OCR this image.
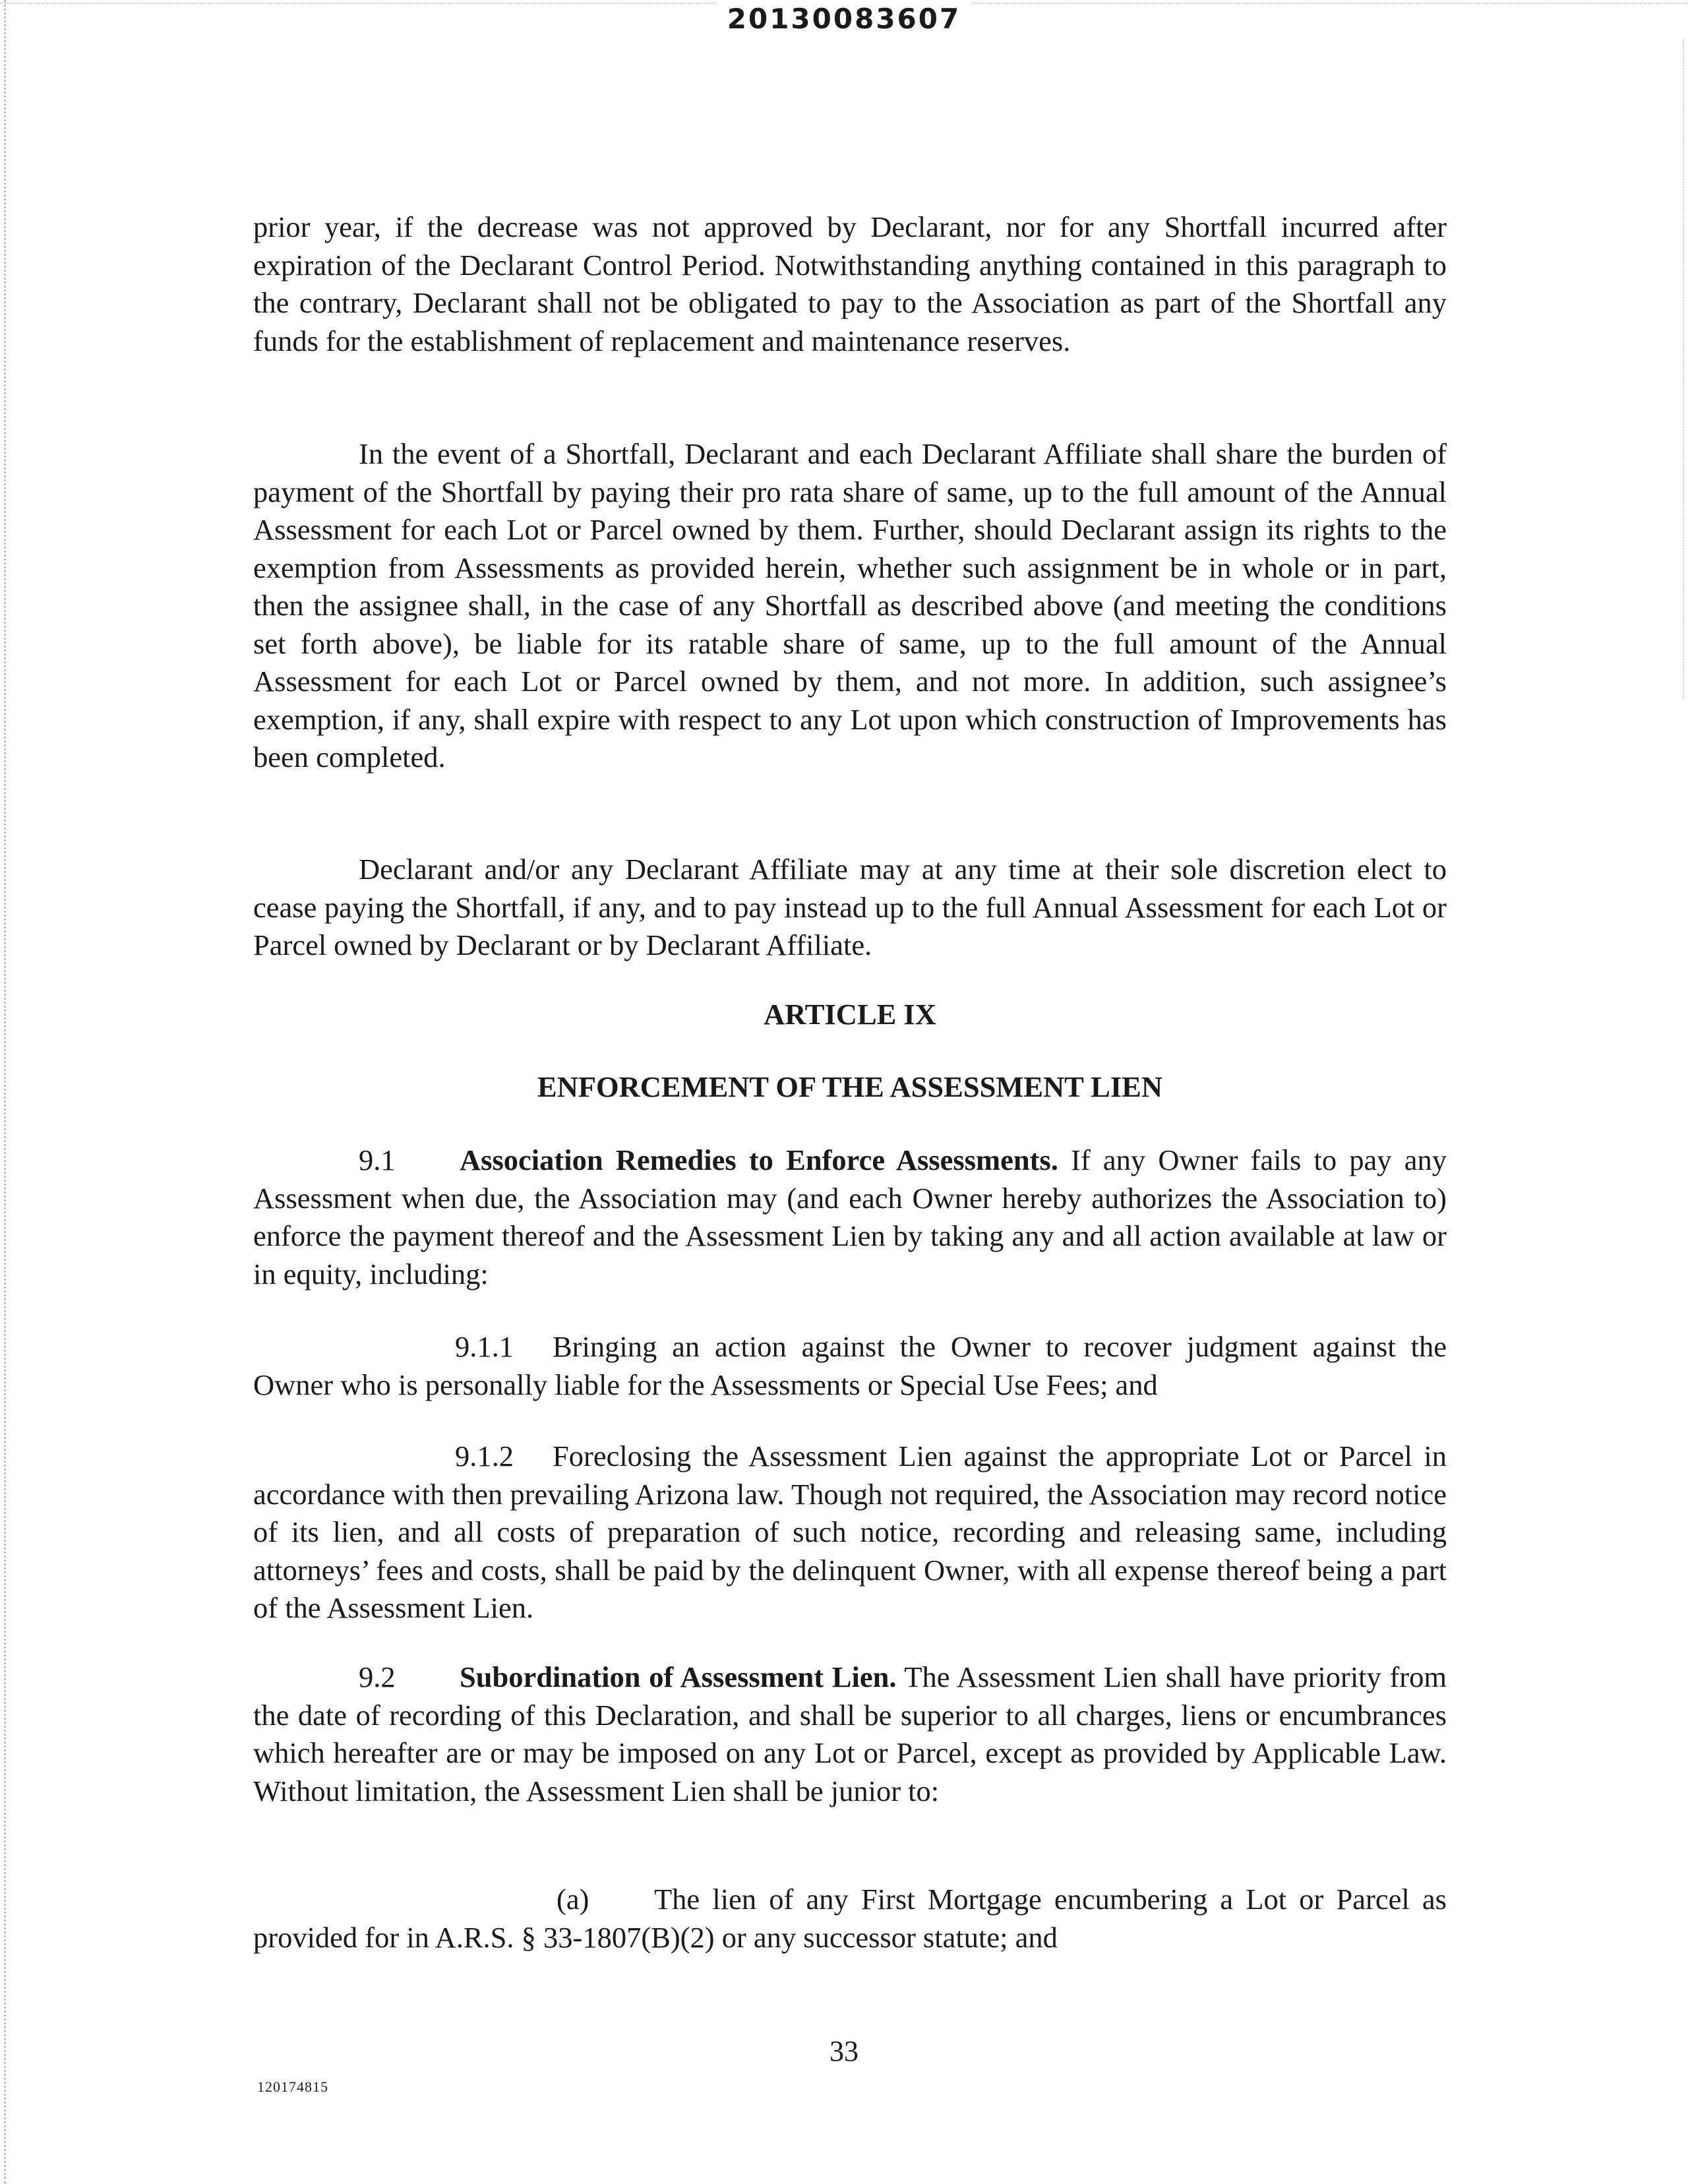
20130083607

prior year, if the decrease was not approved by Declarant, nor for any Shortfall incurred after expiration of the Declarant Control Period. Notwithstanding anything contained in this paragraph to the contrary, Declarant shall not be obligated to pay to the Association as part of the Shortfall any funds for the establishment of replacement and maintenance reserves.

In the event of a Shortfall, Declarant and each Declarant Affiliate shall share the burden of payment of the Shortfall by paying their pro rata share of same, up to the full amount of the Annual Assessment for each Lot or Parcel owned by them. Further, should Declarant assign its rights to the exemption from Assessments as provided herein, whether such assignment be in whole or in part, then the assignee shall, in the case of any Shortfall as described above (and meeting the conditions set forth above), be liable for its ratable share of same, up to the full amount of the Annual Assessment for each Lot or Parcel owned by them, and not more. In addition, such assignee’s exemption, if any, shall expire with respect to any Lot upon which construction of Improvements has been completed.

Declarant and/or any Declarant Affiliate may at any time at their sole discretion elect to cease paying the Shortfall, if any, and to pay instead up to the full Annual Assessment for each Lot or Parcel owned by Declarant or by Declarant Affiliate.

ARTICLE IX
ENFORCEMENT OF THE ASSESSMENT LIEN

9.1 Association Remedies to Enforce Assessments. If any Owner fails to pay any Assessment when due, the Association may (and each Owner hereby authorizes the Association to) enforce the payment thereof and the Assessment Lien by taking any and all action available at law or in equity, including:

9.1.1 Bringing an action against the Owner to recover judgment against the Owner who is personally liable for the Assessments or Special Use Fees; and

9.1.2 Foreclosing the Assessment Lien against the appropriate Lot or Parcel in accordance with then prevailing Arizona law. Though not required, the Association may record notice of its lien, and all costs of preparation of such notice, recording and releasing same, including attorneys’ fees and costs, shall be paid by the delinquent Owner, with all expense thereof being a part of the Assessment Lien.

9.2 Subordination of Assessment Lien. The Assessment Lien shall have priority from the date of recording of this Declaration, and shall be superior to all charges, liens or encumbrances which hereafter are or may be imposed on any Lot or Parcel, except as provided by Applicable Law. Without limitation, the Assessment Lien shall be junior to:

(a) The lien of any First Mortgage encumbering a Lot or Parcel as provided for in A.R.S. § 33-1807(B)(2) or any successor statute; and

33
120174815
